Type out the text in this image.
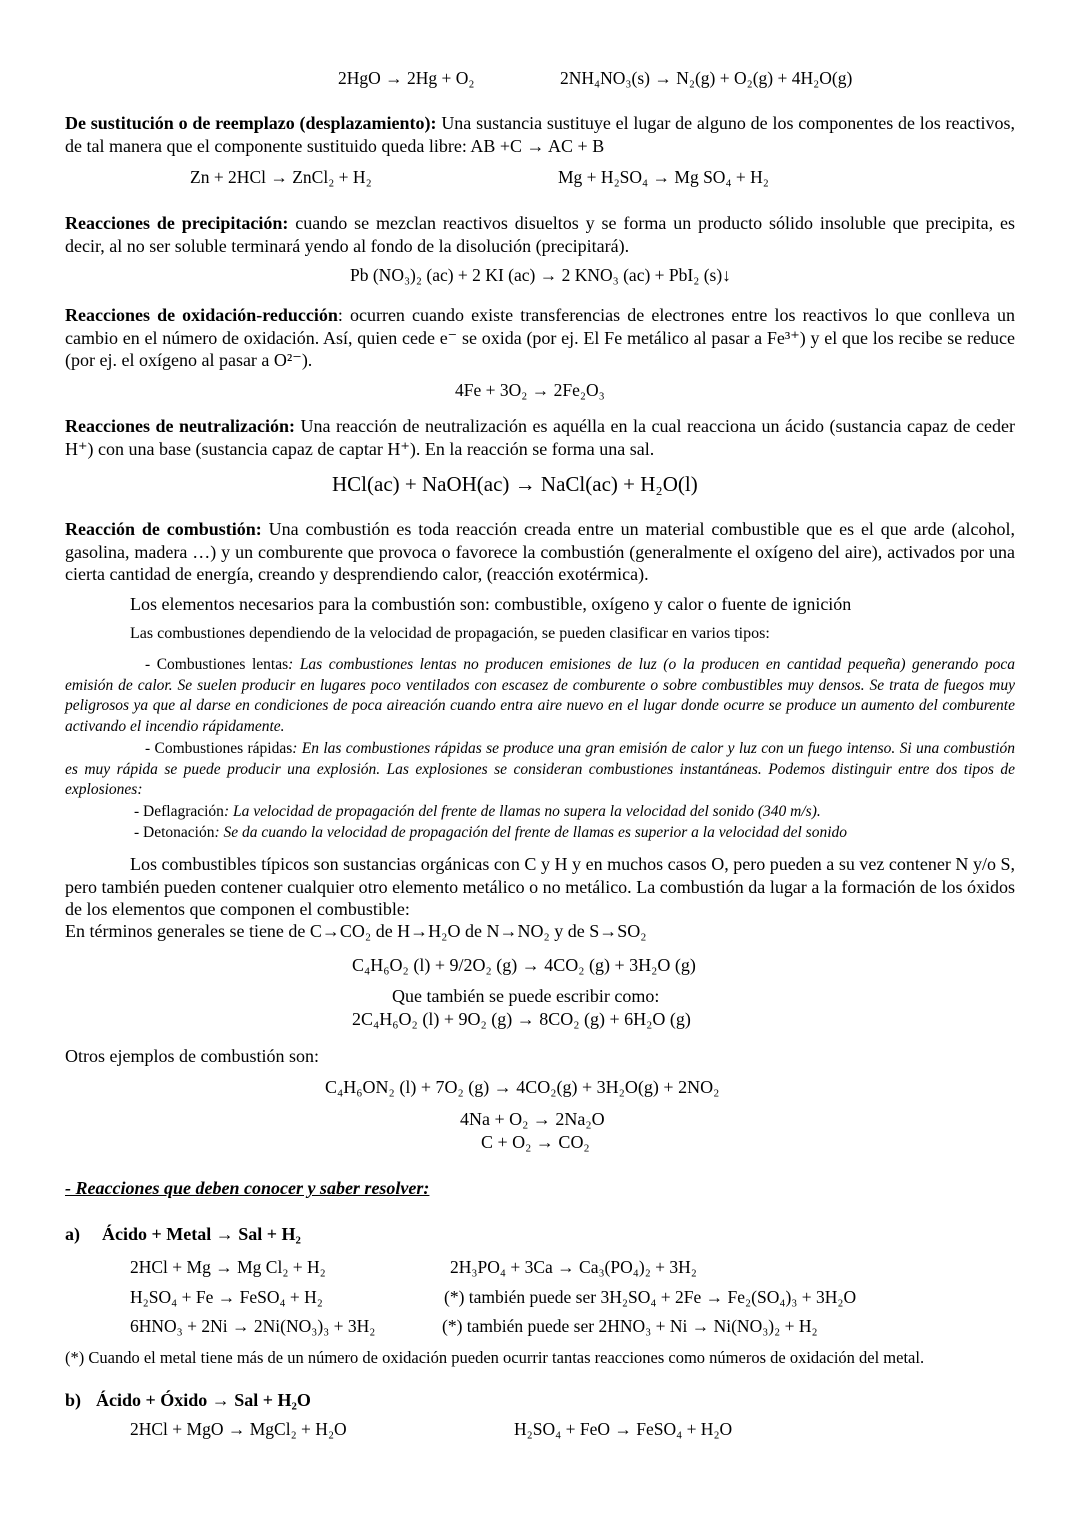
2HgO → 2Hg + O₂	2NH₄NO₃(s) → N₂(g) + O₂(g) + 4H₂O(g)
De sustitución o de reemplazo (desplazamiento): Una sustancia sustituye el lugar de alguno de los componentes de los reactivos, de tal manera que el componente sustituido queda libre: AB +C → AC + B
Zn + 2HCl → ZnCl₂ + H₂	Mg + H₂SO₄ → Mg SO₄ + H₂
Reacciones de precipitación: cuando se mezclan reactivos disueltos y se forma un producto sólido insoluble que precipita, es decir, al no ser soluble terminará yendo al fondo de la disolución (precipitará).
Pb (NO₃)₂ (ac) + 2 KI (ac) → 2 KNO₃ (ac) + PbI₂ (s)↓
Reacciones de oxidación-reducción: ocurren cuando existe transferencias de electrones entre los reactivos lo que conlleva un cambio en el número de oxidación. Así, quien cede e⁻ se oxida (por ej. El Fe metálico al pasar a Fe³⁺) y el que los recibe se reduce (por ej. el oxígeno al pasar a O²⁻).
4Fe + 3O₂ → 2Fe₂O₃
Reacciones de neutralización: Una reacción de neutralización es aquélla en la cual reacciona un ácido (sustancia capaz de ceder H⁺) con una base (sustancia capaz de captar H⁺). En la reacción se forma una sal.
HCl(ac) + NaOH(ac) → NaCl(ac) + H₂O(l)
Reacción de combustión: Una combustión es toda reacción creada entre un material combustible que es el que arde (alcohol, gasolina, madera …) y un comburente que provoca o favorece la combustión (generalmente el oxígeno del aire), activados por una cierta cantidad de energía, creando y desprendiendo calor, (reacción exotérmica).
Los elementos necesarios para la combustión son: combustible, oxígeno y calor o fuente de ignición
Las combustiones dependiendo de la velocidad de propagación, se pueden clasificar en varios tipos:
- Combustiones lentas: Las combustiones lentas no producen emisiones de luz (o la producen en cantidad pequeña) generando poca emisión de calor. Se suelen producir en lugares poco ventilados con escasez de comburente o sobre combustibles muy densos. Se trata de fuegos muy peligrosos ya que al darse en condiciones de poca aireación cuando entra aire nuevo en el lugar donde ocurre se produce un aumento del comburente activando el incendio rápidamente.
- Combustiones rápidas: En las combustiones rápidas se produce una gran emisión de calor y luz con un fuego intenso. Si una combustión es muy rápida se puede producir una explosión. Las explosiones se consideran combustiones instantáneas. Podemos distinguir entre dos tipos de explosiones:
- Deflagración: La velocidad de propagación del frente de llamas no supera la velocidad del sonido (340 m/s).
- Detonación: Se da cuando la velocidad de propagación del frente de llamas es superior a la velocidad del sonido
Los combustibles típicos son sustancias orgánicas con C y H y en muchos casos O, pero pueden a su vez contener N y/o S, pero también pueden contener cualquier otro elemento metálico o no metálico. La combustión da lugar a la formación de los óxidos de los elementos que componen el combustible:
En términos generales se tiene de C→CO₂ de H→H₂O de N→NO₂ y de S→SO₂
C₄H₆O₂ (l) + 9/2O₂ (g) → 4CO₂ (g) + 3H₂O (g)
Que también se puede escribir como:
2C₄H₆O₂ (l) + 9O₂ (g) → 8CO₂ (g) + 6H₂O (g)
Otros ejemplos de combustión son:
C₄H₆ON₂ (l) + 7O₂ (g) → 4CO₂(g) + 3H₂O(g) + 2NO₂
4Na + O₂ → 2Na₂O
C + O₂ → CO₂
- Reacciones que deben conocer y saber resolver:
a) Ácido + Metal → Sal + H₂
2HCl + Mg → Mg Cl₂ + H₂	2H₃PO₄ + 3Ca → Ca₃(PO₄)₂ + 3H₂
H₂SO₄ + Fe → FeSO₄ + H₂	(*) también puede ser 3H₂SO₄ + 2Fe → Fe₂(SO₄)₃ + 3H₂O
6HNO₃ + 2Ni → 2Ni(NO₃)₃ + 3H₂	(*) también puede ser 2HNO₃ + Ni → Ni(NO₃)₂ + H₂
(*) Cuando el metal tiene más de un número de oxidación pueden ocurrir tantas reacciones como números de oxidación del metal.
b) Ácido + Óxido → Sal + H₂O
2HCl + MgO → MgCl₂ + H₂O	H₂SO₄ + FeO → FeSO₄ + H₂O
